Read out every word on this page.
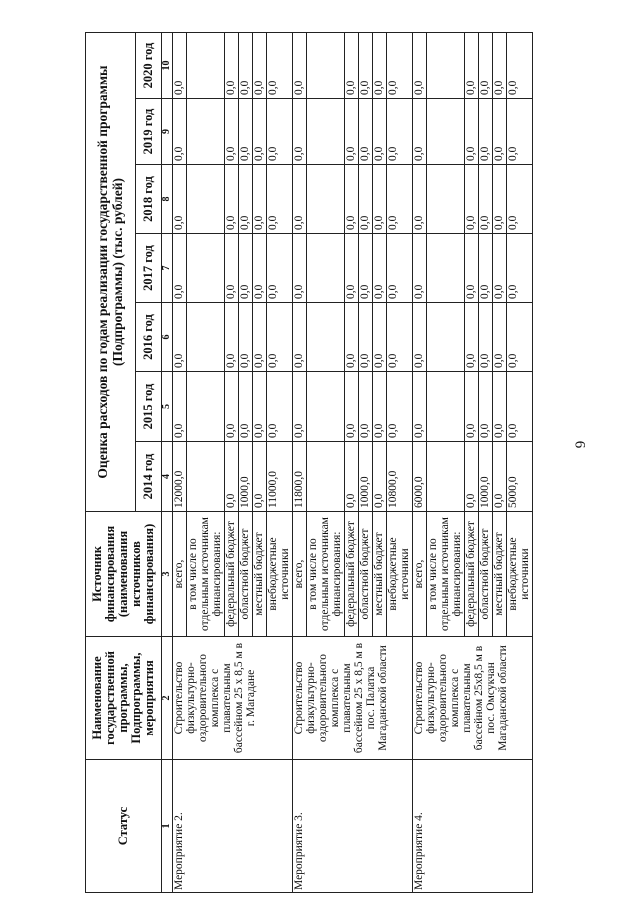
6
Статус	Наименование государственной программы, Подпрограммы, мероприятия	Источник финансирования (наименования источников финансирования)	Оценка расходов по годам реализации государственной программы (Подпрограммы) (тыс. рублей)						
			2014 год	2015 год	2016 год	2017 год	2018 год	2019 год	2020 год
1	2	3	4	5	6	7	8	9	10
Мероприятие 2.	Строительство физкультурно-оздоровительного комплекса с плавательным бассейном 25 х 8,5 м в г. Магадане	всего,	12000,0	0,0	0,0	0,0	0,0	0,0	0,0
		в том числе по отдельным источникам финансирования:							
		федеральный бюджет	0,0	0,0	0,0	0,0	0,0	0,0	0,0
		областной бюджет	1000,0	0,0	0,0	0,0	0,0	0,0	0,0
		местный бюджет	0,0	0,0	0,0	0,0	0,0	0,0	0,0
		внебюджетные источники	11000,0	0,0	0,0	0,0	0,0	0,0	0,0
Мероприятие 3.	Строительство физкультурно-оздоровительного комплекса с плавательным бассейном 25 х 8,5 м в пос. Палатка Магаданской области	всего,	11800,0	0,0	0,0	0,0	0,0	0,0	0,0
		в том числе по отдельным источникам финансирования:							
		федеральный бюджет	0,0	0,0	0,0	0,0	0,0	0,0	0,0
		областной бюджет	1000,0	0,0	0,0	0,0	0,0	0,0	0,0
		местный бюджет	0,0	0,0	0,0	0,0	0,0	0,0	0,0
		внебюджетные источники	10800,0	0,0	0,0	0,0	0,0	0,0	0,0
Мероприятие 4.	Строительство физкультурно-оздоровительного комплекса с плавательным бассейном 25х8,5 м в пос. Омсукчан Магаданской области	всего,	6000,0	0,0	0,0	0,0	0,0	0,0	0,0
		в том числе по отдельным источникам финансирования:							
		федеральный бюджет	0,0	0,0	0,0	0,0	0,0	0,0	0,0
		областной бюджет	1000,0	0,0	0,0	0,0	0,0	0,0	0,0
		местный бюджет	0,0	0,0	0,0	0,0	0,0	0,0	0,0
		внебюджетные источники	5000,0	0,0	0,0	0,0	0,0	0,0	0,0
